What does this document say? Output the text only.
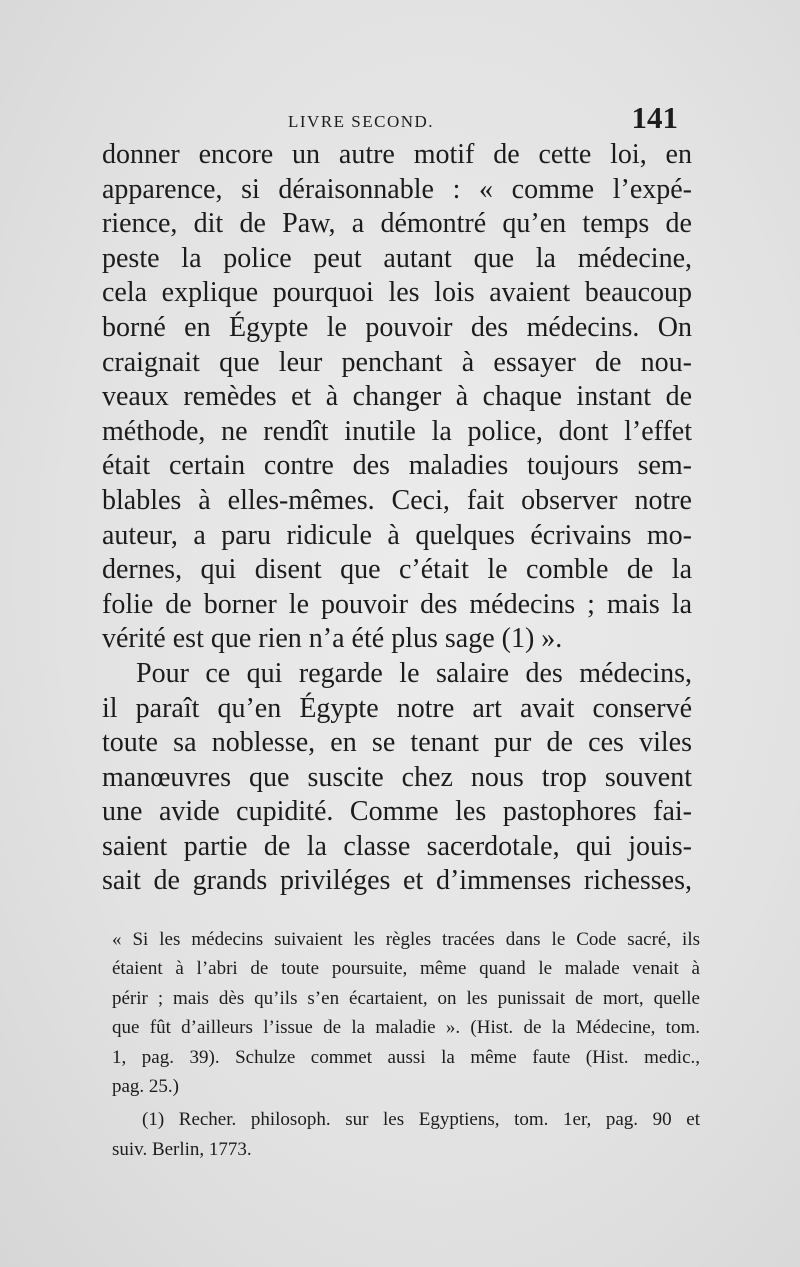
LIVRE SECOND.	141
donner encore un autre motif de cette loi, en
apparence, si déraisonnable : « comme l’expé-
rience, dit de Paw, a démontré qu’en temps de
peste la police peut autant que la médecine,
cela explique pourquoi les lois avaient beaucoup
borné en Égypte le pouvoir des médecins. On
craignait que leur penchant à essayer de nou-
veaux remèdes et à changer à chaque instant de
méthode, ne rendît inutile la police, dont l’effet
était certain contre des maladies toujours sem-
blables à elles-mêmes. Ceci, fait observer notre
auteur, a paru ridicule à quelques écrivains mo-
dernes, qui disent que c’était le comble de la
folie de borner le pouvoir des médecins ; mais la
vérité est que rien n’a été plus sage (1) ».
Pour ce qui regarde le salaire des médecins,
il paraît qu’en Égypte notre art avait conservé
toute sa noblesse, en se tenant pur de ces viles
manœuvres que suscite chez nous trop souvent
une avide cupidité. Comme les pastophores fai-
saient partie de la classe sacerdotale, qui jouis-
sait de grands priviléges et d’immenses richesses,
« Si les médecins suivaient les règles tracées dans le Code sacré, ils
étaient à l’abri de toute poursuite, même quand le malade venait à
périr ; mais dès qu’ils s’en écartaient, on les punissait de mort, quelle
que fût d’ailleurs l’issue de la maladie ». (Hist. de la Médecine, tom.
1, pag. 39). Schulze commet aussi la même faute (Hist. medic.,
pag. 25.)
(1) Recher. philosoph. sur les Egyptiens, tom. 1er, pag. 90 et
suiv. Berlin, 1773.
